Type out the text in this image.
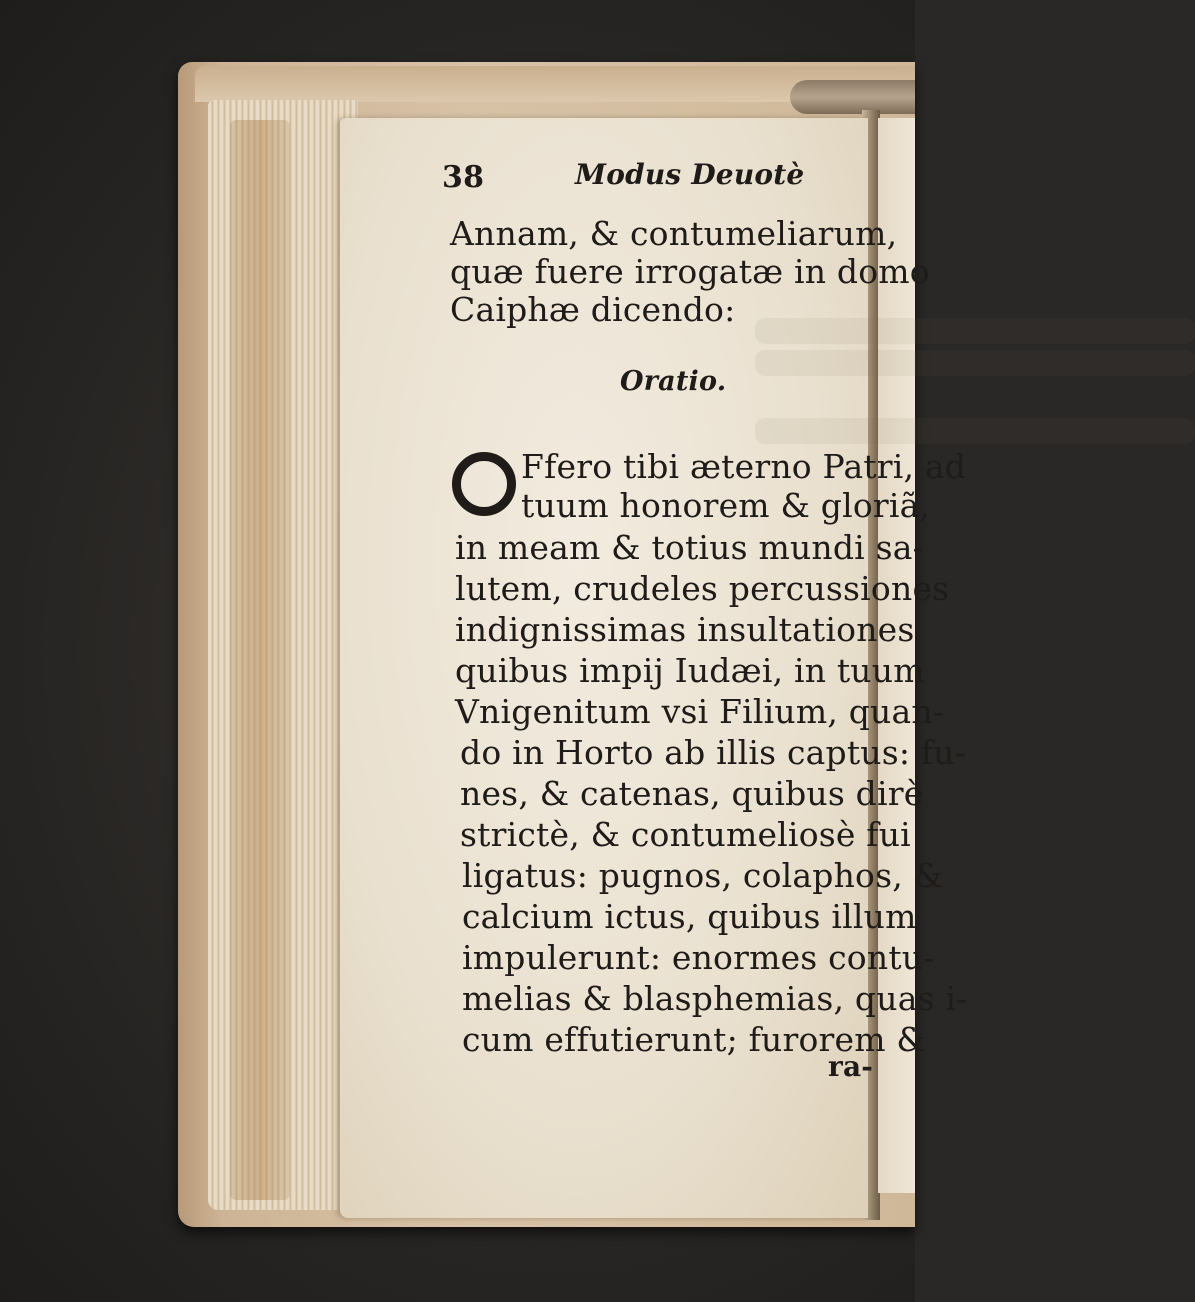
38	Modus Deuotè
Annam, & contumeliarum,
quæ fuere irrogatæ in domo
Caiphæ dicendo:
Oratio.
Ffero tibi æterno Patri, ad
tuum honorem & gloriã,
in meam & totius mundi sa-
lutem, crudeles percussiones
indignissimas insultationes
quibus impij Iudæi, in tuum
Vnigenitum vsi Filium, quan-
do in Horto ab illis captus: fu-
nes, & catenas, quibus dirè
strictè, & contumeliosè fui
ligatus: pugnos, colaphos, &
calcium ictus, quibus illum
impulerunt: enormes contu-
melias & blasphemias, quas i-
cum effutierunt; furorem &
ra-
